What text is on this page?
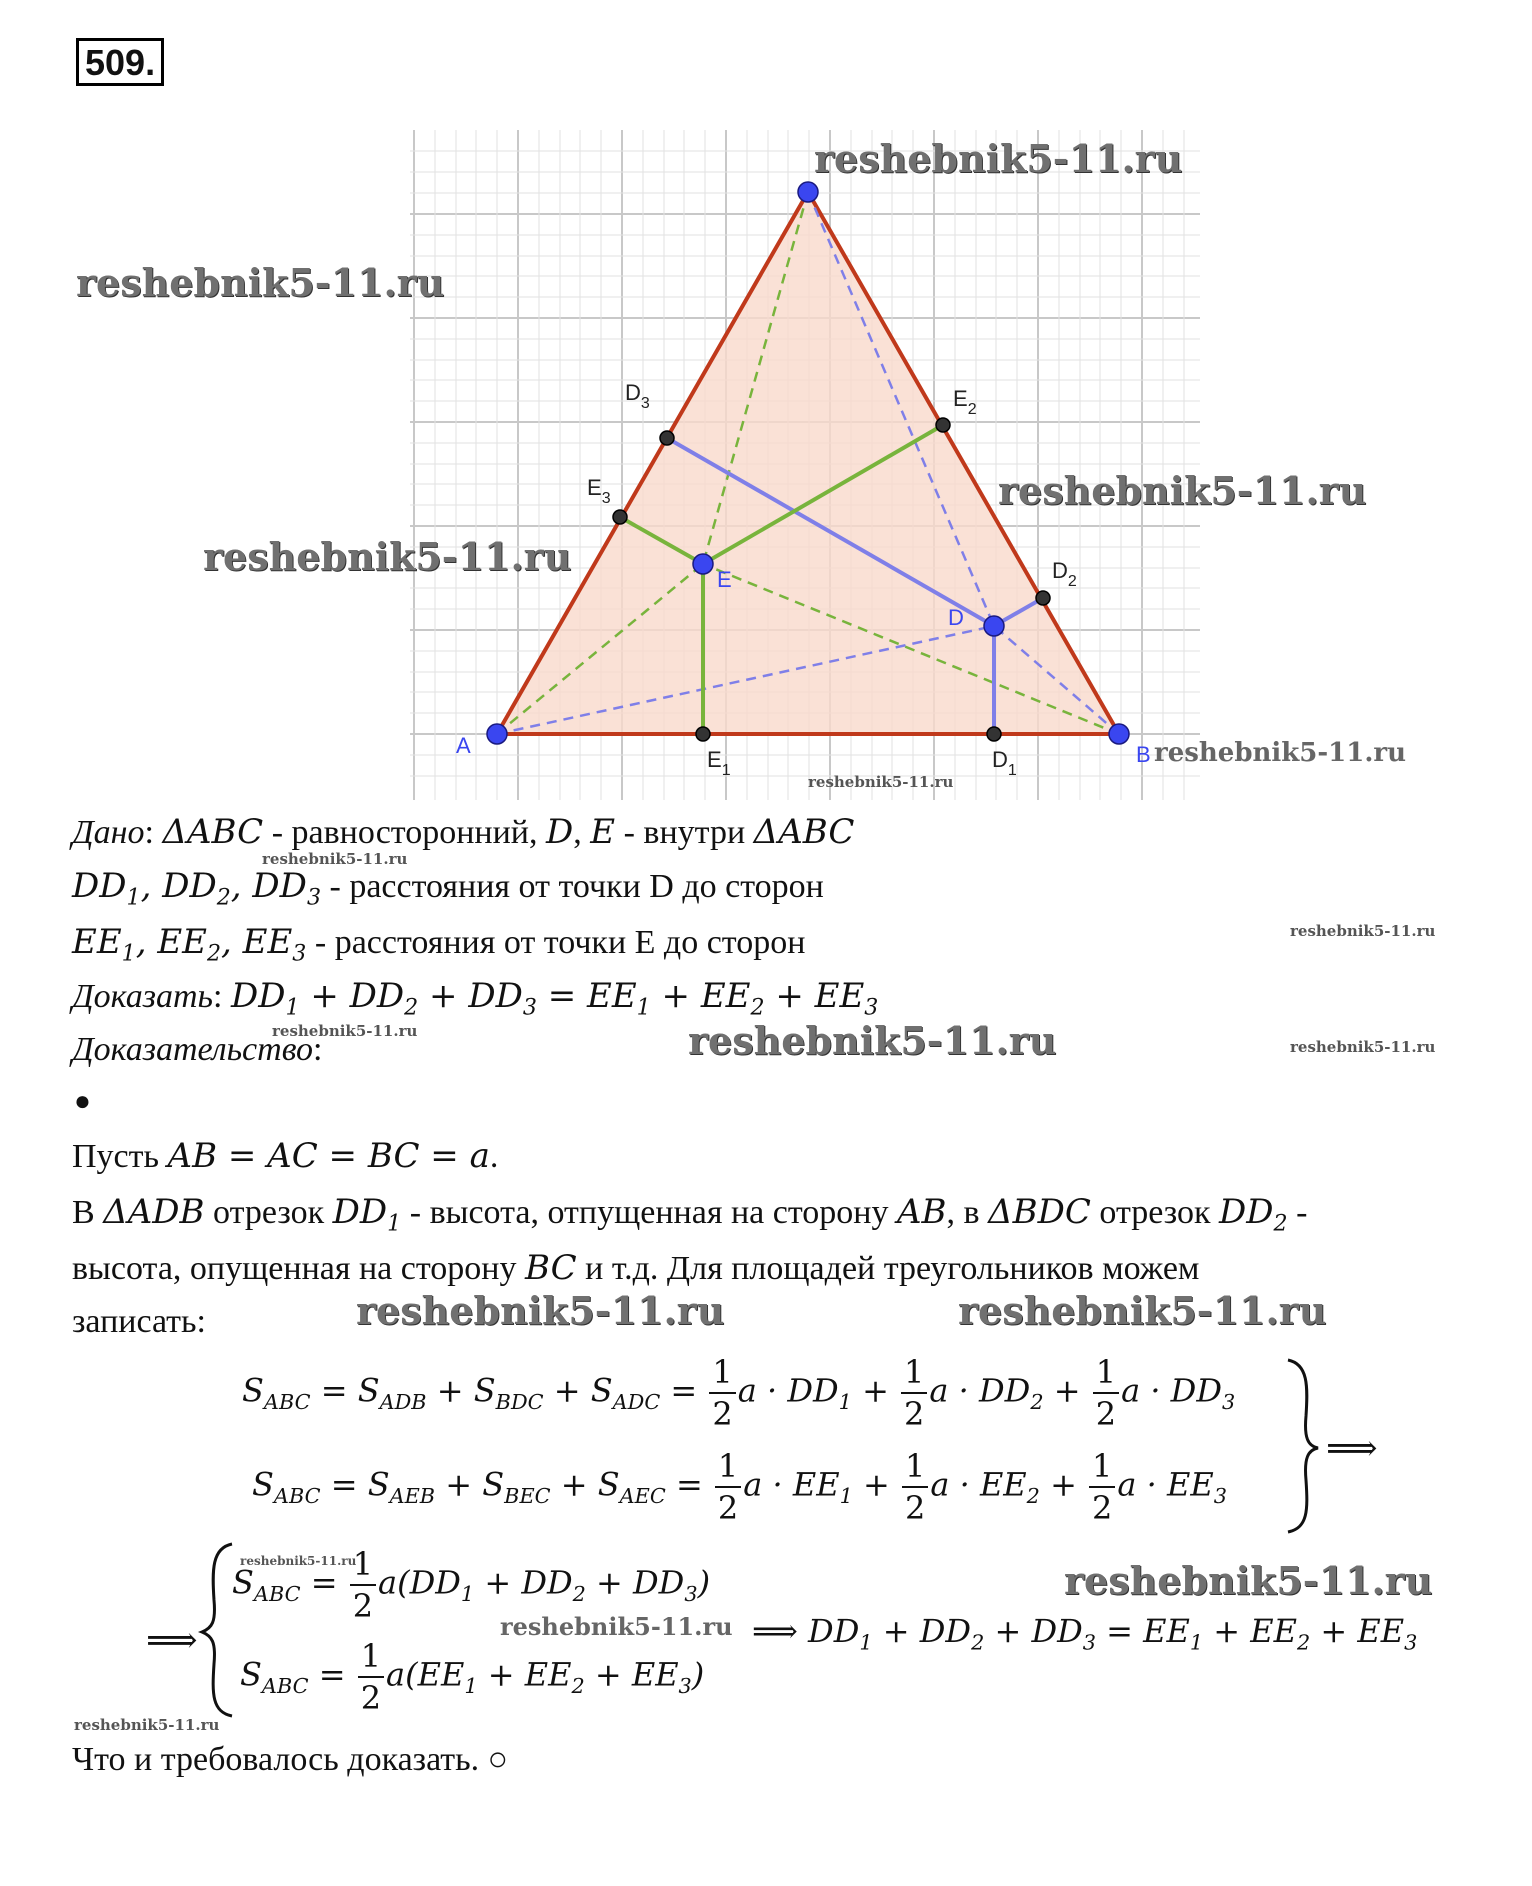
509.
A	B
D
E
$E_1$	$D_1$
$D_2$
$E_2$
$D_3$
$E_3$
reshebnik5-11.ru
reshebnik5-11.ru
reshebnik5-11.ru
reshebnik5-11.ru
reshebnik5-11.ru
reshebnik5-11.ru
Дано: ΔABC - равносторонний, D, E - внутри ΔABC
$DD_1$, $DD_2$, $DD_3$ - расстояния от точки D до сторон
$EE_1$, $EE_2$, $EE_3$ - расстояния от точки E до сторон
Доказать: $DD_1 + DD_2 + DD_3 = EE_1 + EE_2 + EE_3$
Доказательство:
reshebnik5-11.ru
reshebnik5-11.ru
reshebnik5-11.ru	reshebnik5-11.ru	reshebnik5-11.ru
●
Пусть AB = AC = BC = a.
В ΔADB отрезок $DD_1$ - высота, отпущенная на сторону AB, в ΔBDC отрезок $DD_2$ -
высота, опущенная на сторону BC и т.д. Для площадей треугольников можем
записать:	reshebnik5-11.ru	reshebnik5-11.ru
$S_{ABC} = S_{ADB} + S_{BDC} + S_{ADC} = \frac{1}{2}$ $a \cdot DD_1 + \frac{1}{2}$ $a \cdot DD_2 + \frac{1}{2}$ $a \cdot DD_3$
$S_{ABC} = S_{AEB} + S_{BEC} + S_{AEC} = \frac{1}{2}$ $a \cdot EE_1 + \frac{1}{2}$ $a \cdot EE_2 + \frac{1}{2}$ $a \cdot EE_3$
⟹
⟹
$S_{ABC} = \frac{1}{2} a(DD_1 + DD_2 + DD_3)$
$S_{ABC} = \frac{1}{2} a(EE_1 + EE_2 + EE_3)$
⟹ $DD_1 + DD_2 + DD_3 = EE_1 + EE_2 + EE_3$
reshebnik5-11.ru	reshebnik5-11.ru
reshebnik5-11.ru
reshebnik5-11.ru
Что и требовалось доказать. ○
